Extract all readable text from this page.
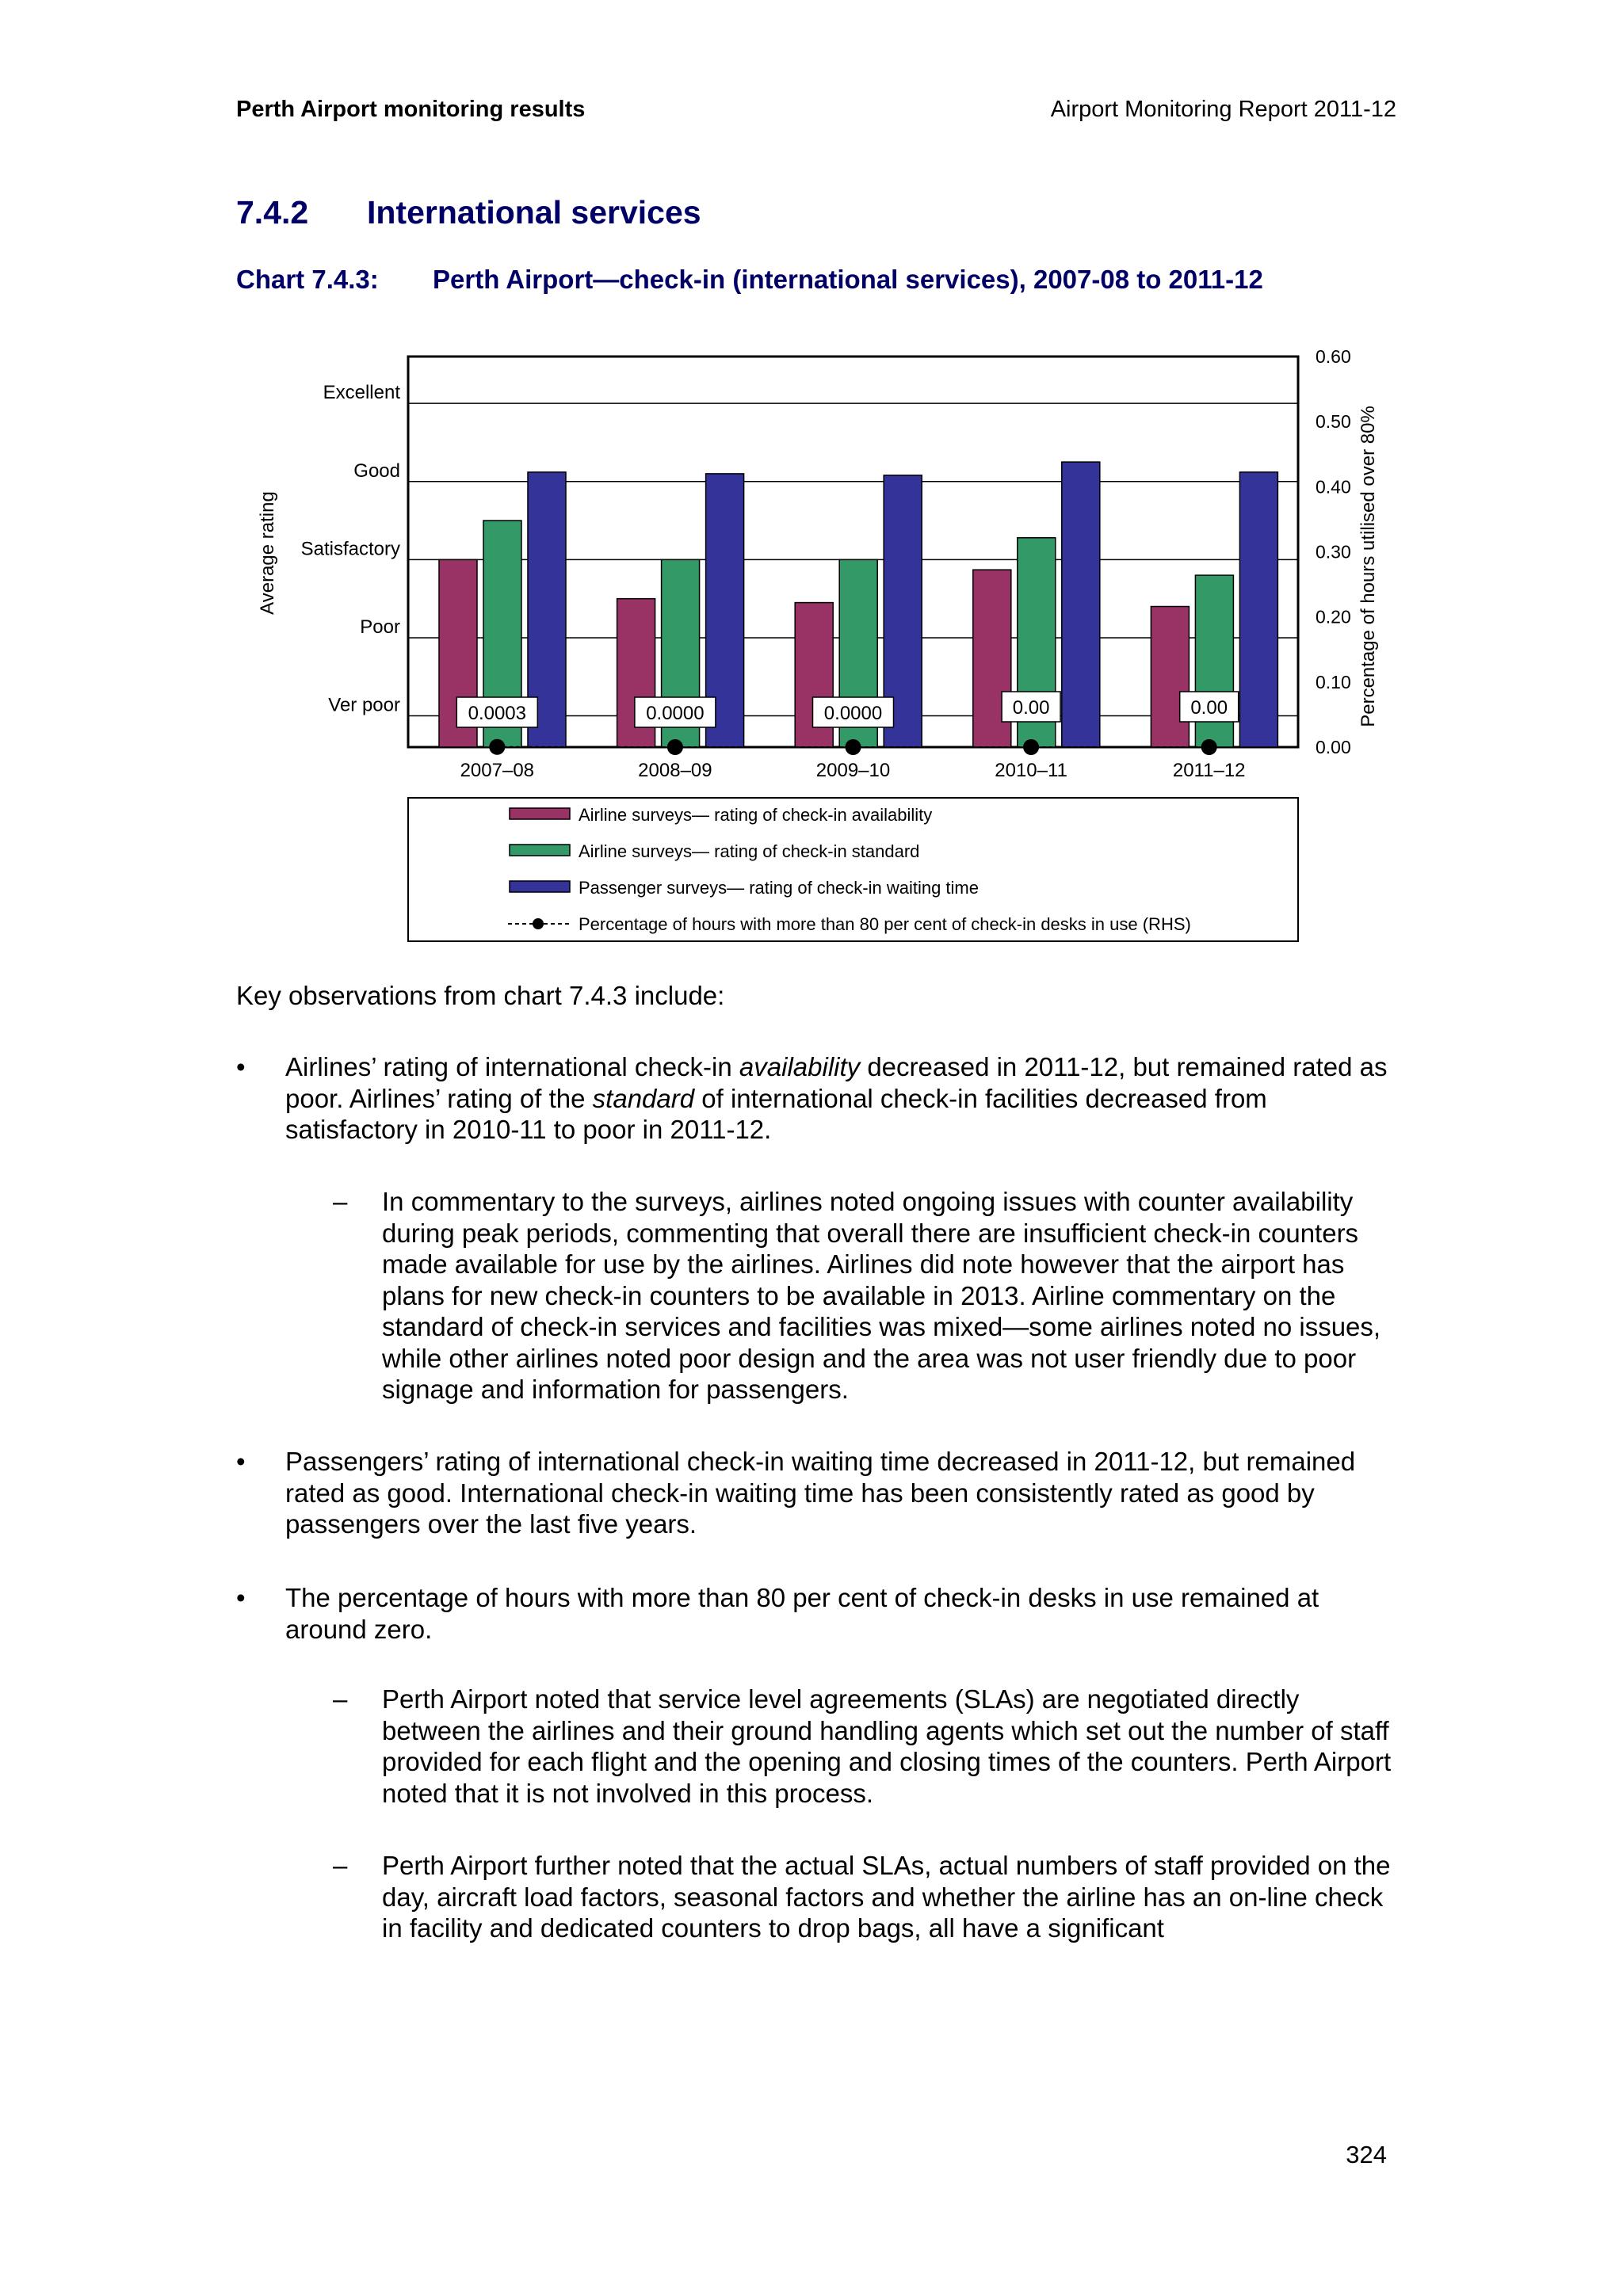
Perth Airport monitoring results	Airport Monitoring Report 2011-12
7.4.2 International services
Chart 7.4.3: Perth Airport—check-in (international services), 2007-08 to 2011-12
Ver poor
Poor
Satisfactory
Good
Excellent
0.00
0.10
0.20
0.30
0.40
0.50
0.60
Average rating	Percentage of hours utilised over 80%
2007–08	2008–09	2009–10	2010–11	2011–12
0.0003	0.0000	0.0000	0.00	0.00
Airline surveys— rating of check-in availability
Airline surveys— rating of check-in standard
Passenger surveys— rating of check-in waiting time
Percentage of hours with more than 80 per cent of check-in desks in use (RHS)
Key observations from chart 7.4.3 include:
•	Airlines’ rating of international check-in availability decreased in 2011-12, but remained rated as poor. Airlines’ rating of the standard of international check-in facilities decreased from satisfactory in 2010-11 to poor in 2011-12.
– In commentary to the surveys, airlines noted ongoing issues with counter availability during peak periods, commenting that overall there are insufficient check-in counters made available for use by the airlines. Airlines did note however that the airport has plans for new check-in counters to be available in 2013. Airline commentary on the standard of check-in services and facilities was mixed—some airlines noted no issues, while other airlines noted poor design and the area was not user friendly due to poor signage and information for passengers.
•	Passengers’ rating of international check-in waiting time decreased in 2011-12, but remained rated as good. International check-in waiting time has been consistently rated as good by passengers over the last five years.
•	The percentage of hours with more than 80 per cent of check-in desks in use remained at around zero.
– Perth Airport noted that service level agreements (SLAs) are negotiated directly between the airlines and their ground handling agents which set out the number of staff provided for each flight and the opening and closing times of the counters. Perth Airport noted that it is not involved in this process.
– Perth Airport further noted that the actual SLAs, actual numbers of staff provided on the day, aircraft load factors, seasonal factors and whether the airline has an on-line check in facility and dedicated counters to drop bags, all have a significant
324
